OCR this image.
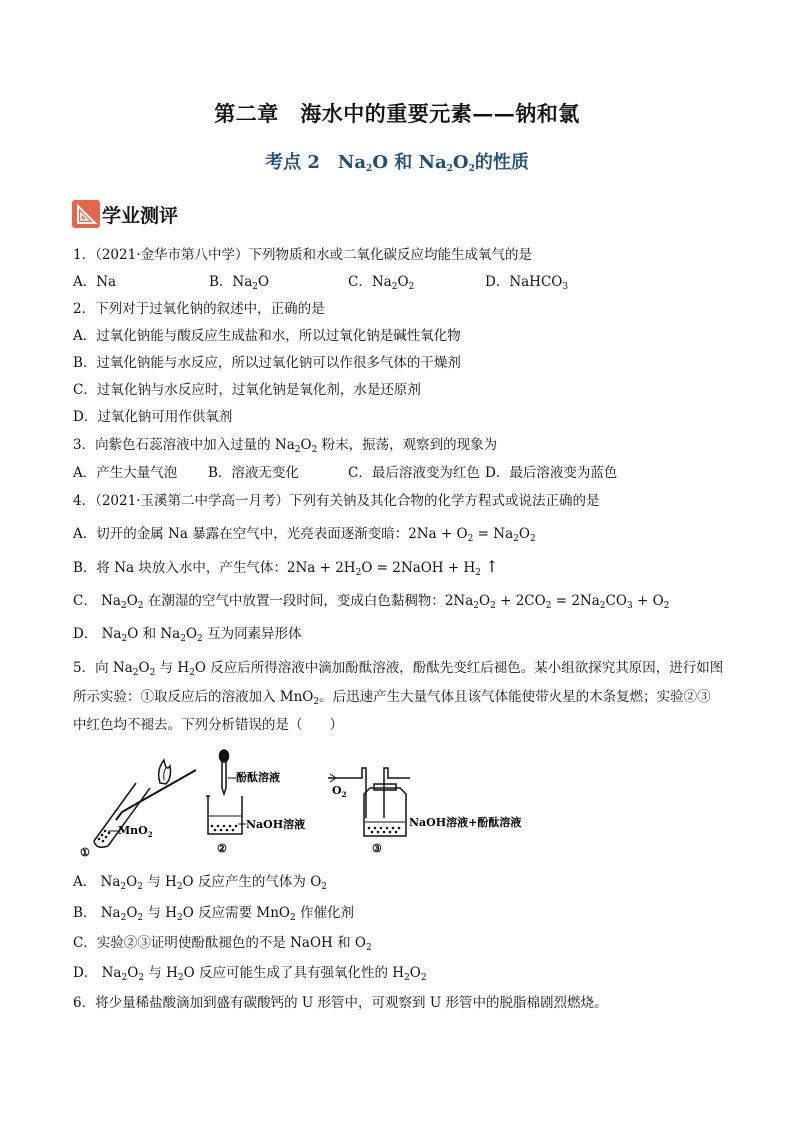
第二章　海水中的重要元素——钠和氯
考点 2　$Na_2O$ 和 $Na_2O_2$的性质
学业测评
1．（2021·金华市第八中学）下列物质和水或二氧化碳反应均能生成氧气的是
A．Na	B．$Na_2O$	C．$Na_2O_2$	D．NaHCO$_3$
2．下列对于过氧化钠的叙述中，正确的是
A．过氧化钠能与酸反应生成盐和水，所以过氧化钠是碱性氧化物
B．过氧化钠能与水反应，所以过氧化钠可以作很多气体的干燥剂
C．过氧化钠与水反应时，过氧化钠是氧化剂，水是还原剂
D．过氧化钠可用作供氧剂
3．向紫色石蕊溶液中加入过量的 $Na_2O_2$ 粉末，振荡，观察到的现象为
A．产生大量气泡 B．溶液无变化	C．最后溶液变为红色 D．最后溶液变为蓝色
4．（2021·玉溪第二中学高一月考）下列有关钠及其化合物的化学方程式或说法正确的是
A．切开的金属 Na 暴露在空气中，光亮表面逐渐变暗：$2Na + O_2 = Na_2O_2$
B．将 Na 块放入水中，产生气体：$2Na + 2H_2O$ = 2NaOH + $H_2$ ↑
C． $Na_2O_2$ 在潮湿的空气中放置一段时间，变成白色黏稠物：$2Na_2O_2 + 2CO_2 = 2Na_2CO_3 + O_2$
D． $Na_2O$ 和 $Na_2O_2$ 互为同素异形体
5．向 $Na_2O_2$ 与 $H_2O$ 反应后所得溶液中滴加酚酞溶液，酚酞先变红后褪色。某小组欲探究其原因，进行如图
所示实验：①取反应后的溶液加入 MnO$_2$。后迅速产生大量气体且该气体能使带火星的木条复燃；实验②③
中红色均不褪去。下列分析错误的是（　　）
MnO$_2$
①
酚酞溶液
NaOH溶液
②
$O_2$
NaOH溶液+酚酞溶液
③
A． $Na_2O_2$ 与 $H_2O$ 反应产生的气体为 $O_2$
B． $Na_2O_2$ 与 $H_2O$ 反应需要 MnO$_2$ 作催化剂
C．实验②③证明使酚酞褪色的不是 NaOH 和 $O_2$
D． $Na_2O_2$ 与 $H_2O$ 反应可能生成了具有强氧化性的 $H_2O_2$
6．将少量稀盐酸滴加到盛有碳酸钙的 U 形管中，可观察到 U 形管中的脱脂棉剧烈燃烧。
